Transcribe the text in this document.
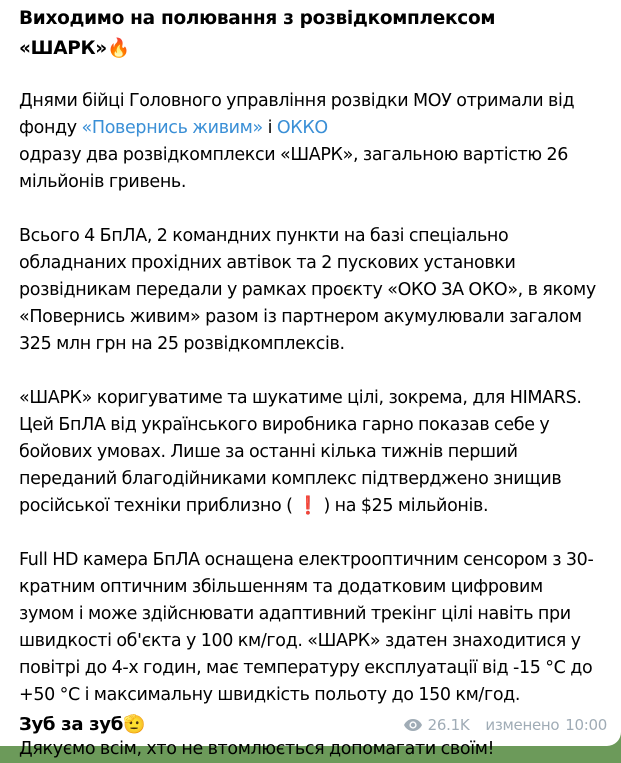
Виходимо на полювання з розвідкомплексом «ШАРК»🔥

Днями бійці Головного управління розвідки МОУ отримали від фонду «Повернись живим» і ОККО
одразу два розвідкомплекси «ШАРК», загальною вартістю 26 мільйонів гривень.

Всього 4 БпЛА, 2 командних пункти на базі спеціально обладнаних прохідних автівок та 2 пускових установки розвідникам передали у рамках проєкту «ОКО ЗА ОКО», в якому «Повернись живим» разом із партнером акумулювали загалом 325 млн грн на 25 розвідкомплексів.

«ШАРК» коригуватиме та шукатиме цілі, зокрема, для HIMARS. Цей БпЛА від українського виробника гарно показав себе у бойових умовах. Лише за останні кілька тижнів перший переданий благодійниками комплекс підтверджено знищив російської техніки приблизно ( ❗ ) на $25 мільйонів.

Full HD камера БпЛА оснащена електрооптичним сенсором з 30-кратним оптичним збільшенням та додатковим цифровим зумом і може здійснювати адаптивний трекінг цілі навіть при швидкості об'єкта у 100 км/год. «ШАРК» здатен знаходитися у повітрі до 4-х годин, має температуру експлуатації від -15 °C до +50 °C і максимальну швидкість польоту до 150 км/год.

Дякуємо всім, хто не втомлюється допомагати своїм!

Зуб за зуб🫡	26.1K изменено 10:00
